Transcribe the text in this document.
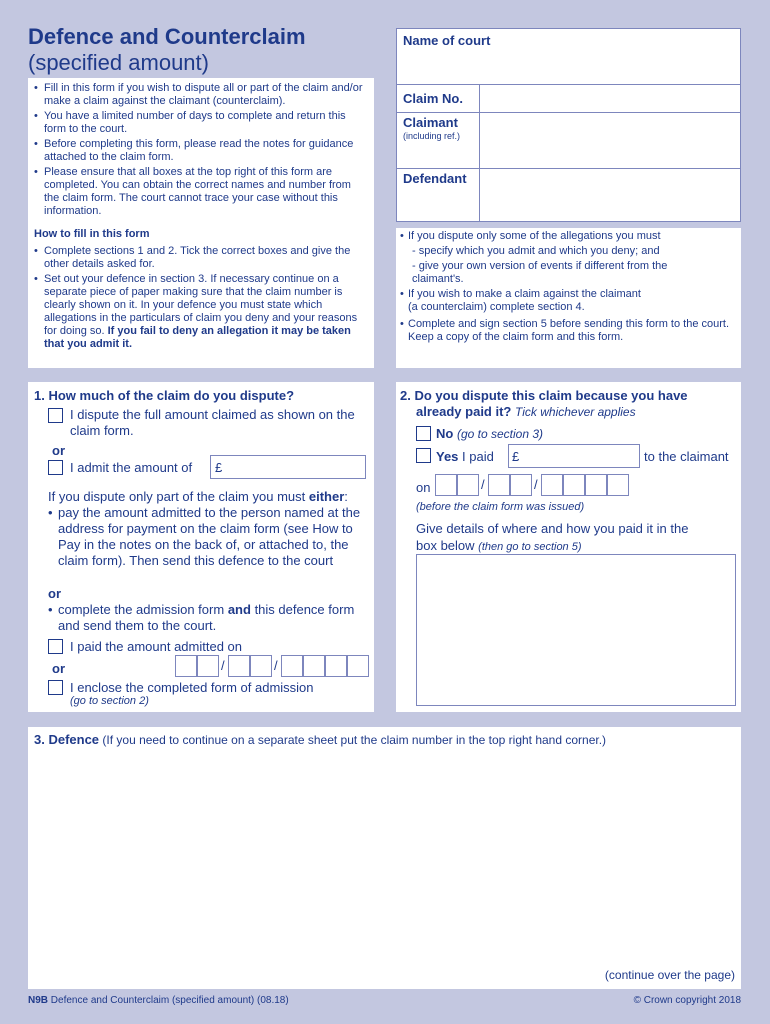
Defence and Counterclaim
(specified amount)
• Fill in this form if you wish to dispute all or part of the claim and/or make a claim against the claimant (counterclaim).
• You have a limited number of days to complete and return this form to the court.
• Before completing this form, please read the notes for guidance attached to the claim form.
• Please ensure that all boxes at the top right of this form are completed. You can obtain the correct names and number from the claim form. The court cannot trace your case without this information.
How to fill in this form
• Complete sections 1 and 2. Tick the correct boxes and give the other details asked for.
• Set out your defence in section 3. If necessary continue on a separate piece of paper making sure that the claim number is clearly shown on it. In your defence you must state which allegations in the particulars of claim you deny and your reasons for doing so. If you fail to deny an allegation it may be taken that you admit it.
Name of court
Claim No.
Claimant
(including ref.)
Defendant
• If you dispute only some of the allegations you must
- specify which you admit and which you deny; and
- give your own version of events if different from the claimant's.
• If you wish to make a claim against the claimant
(a counterclaim) complete section 4.
• Complete and sign section 5 before sending this form to the court. Keep a copy of the claim form and this form.
1. How much of the claim do you dispute?
I dispute the full amount claimed as shown on the claim form.
or
I admit the amount of £
If you dispute only part of the claim you must either:
• pay the amount admitted to the person named at the address for payment on the claim form (see How to Pay in the notes on the back of, or attached to, the claim form). Then send this defence to the court
or
• complete the admission form and this defence form and send them to the court.
I paid the amount admitted on
or	/	/
I enclose the completed form of admission
(go to section 2)
2. Do you dispute this claim because you have
already paid it? Tick whichever applies
No (go to section 3)
Yes I paid £	to the claimant
on	/	/
(before the claim form was issued)
Give details of where and how you paid it in the
box below (then go to section 5)
3. Defence (If you need to continue on a separate sheet put the claim number in the top right hand corner.)
(continue over the page)
N9B Defence and Counterclaim (specified amount) (08.18)	© Crown copyright 2018
